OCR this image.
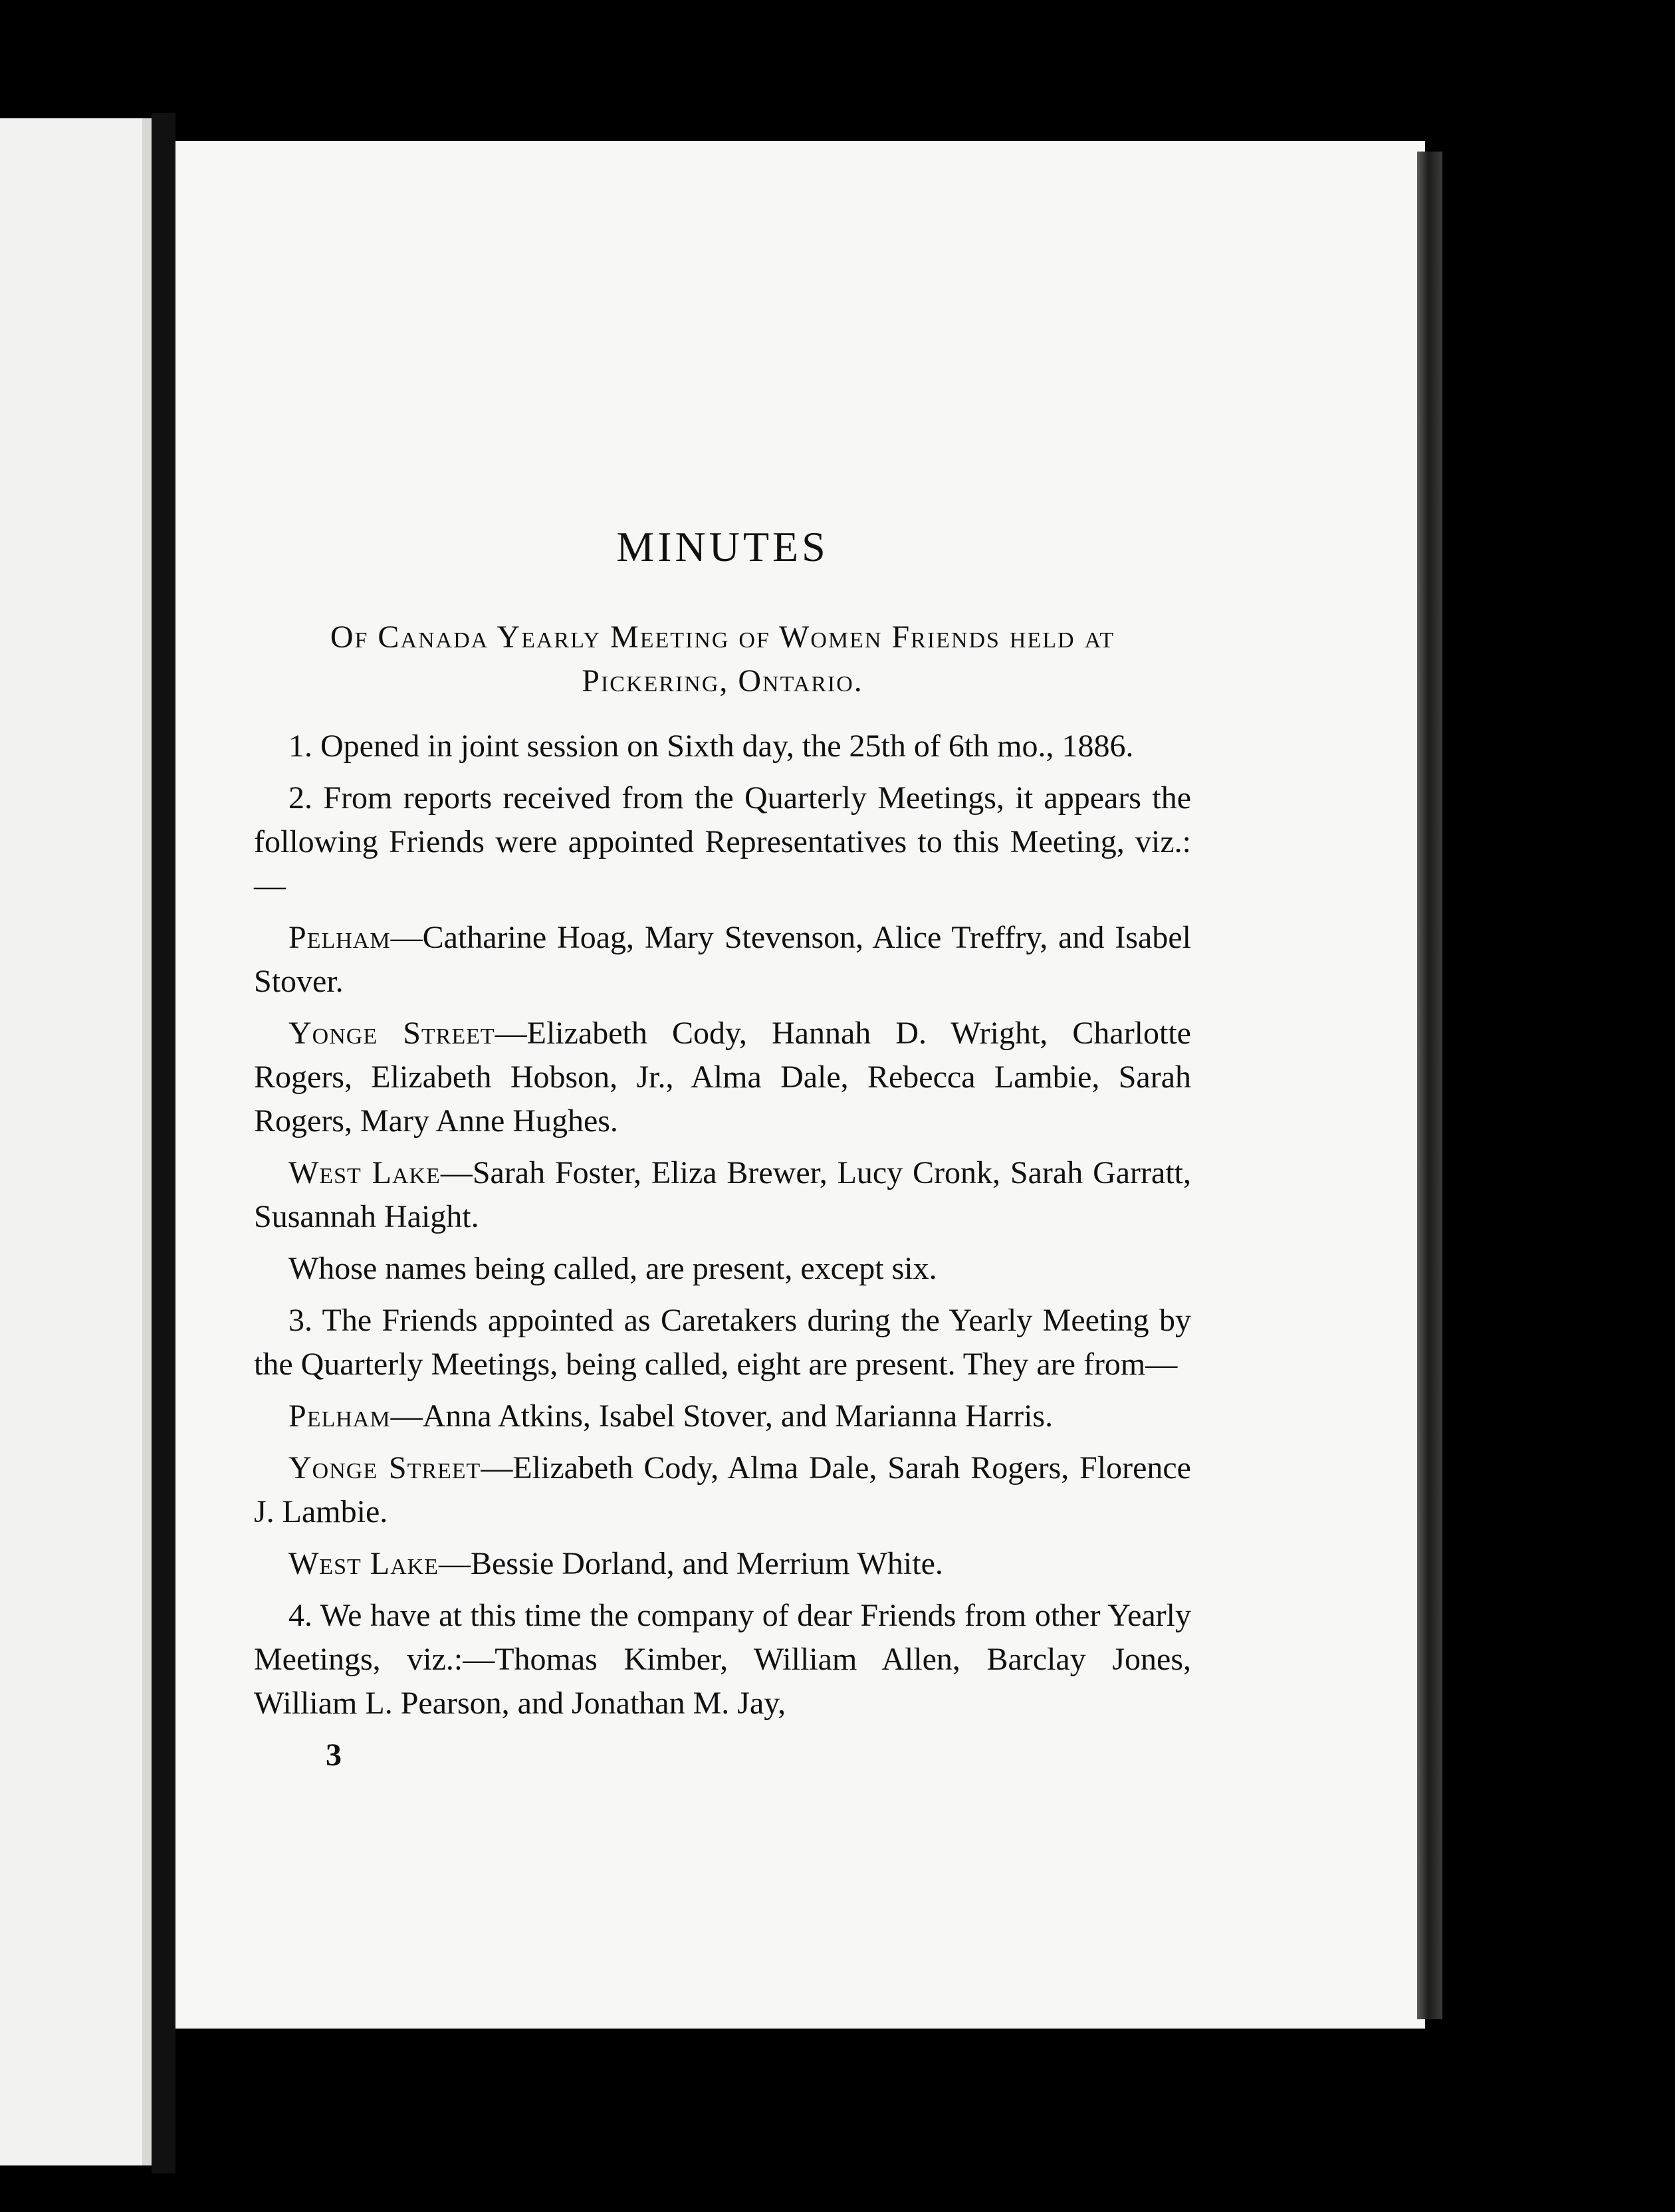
MINUTES

Of Canada Yearly Meeting of Women Friends held at Pickering, Ontario.

1. Opened in joint session on Sixth day, the 25th of 6th mo., 1886.

2. From reports received from the Quarterly Meetings, it appears the following Friends were appointed Representatives to this Meeting, viz.:—

Pelham—Catharine Hoag, Mary Stevenson, Alice Treffry, and Isabel Stover.

Yonge Street—Elizabeth Cody, Hannah D. Wright, Charlotte Rogers, Elizabeth Hobson, Jr., Alma Dale, Rebecca Lambie, Sarah Rogers, Mary Anne Hughes.

West Lake—Sarah Foster, Eliza Brewer, Lucy Cronk, Sarah Garratt, Susannah Haight.

Whose names being called, are present, except six.

3. The Friends appointed as Caretakers during the Yearly Meeting by the Quarterly Meetings, being called, eight are present. They are from—

Pelham—Anna Atkins, Isabel Stover, and Marianna Harris.

Yonge Street—Elizabeth Cody, Alma Dale, Sarah Rogers, Florence J. Lambie.

West Lake—Bessie Dorland, and Merrium White.

4. We have at this time the company of dear Friends from other Yearly Meetings, viz.:—Thomas Kimber, William Allen, Barclay Jones, William L. Pearson, and Jonathan M. Jay,

3
